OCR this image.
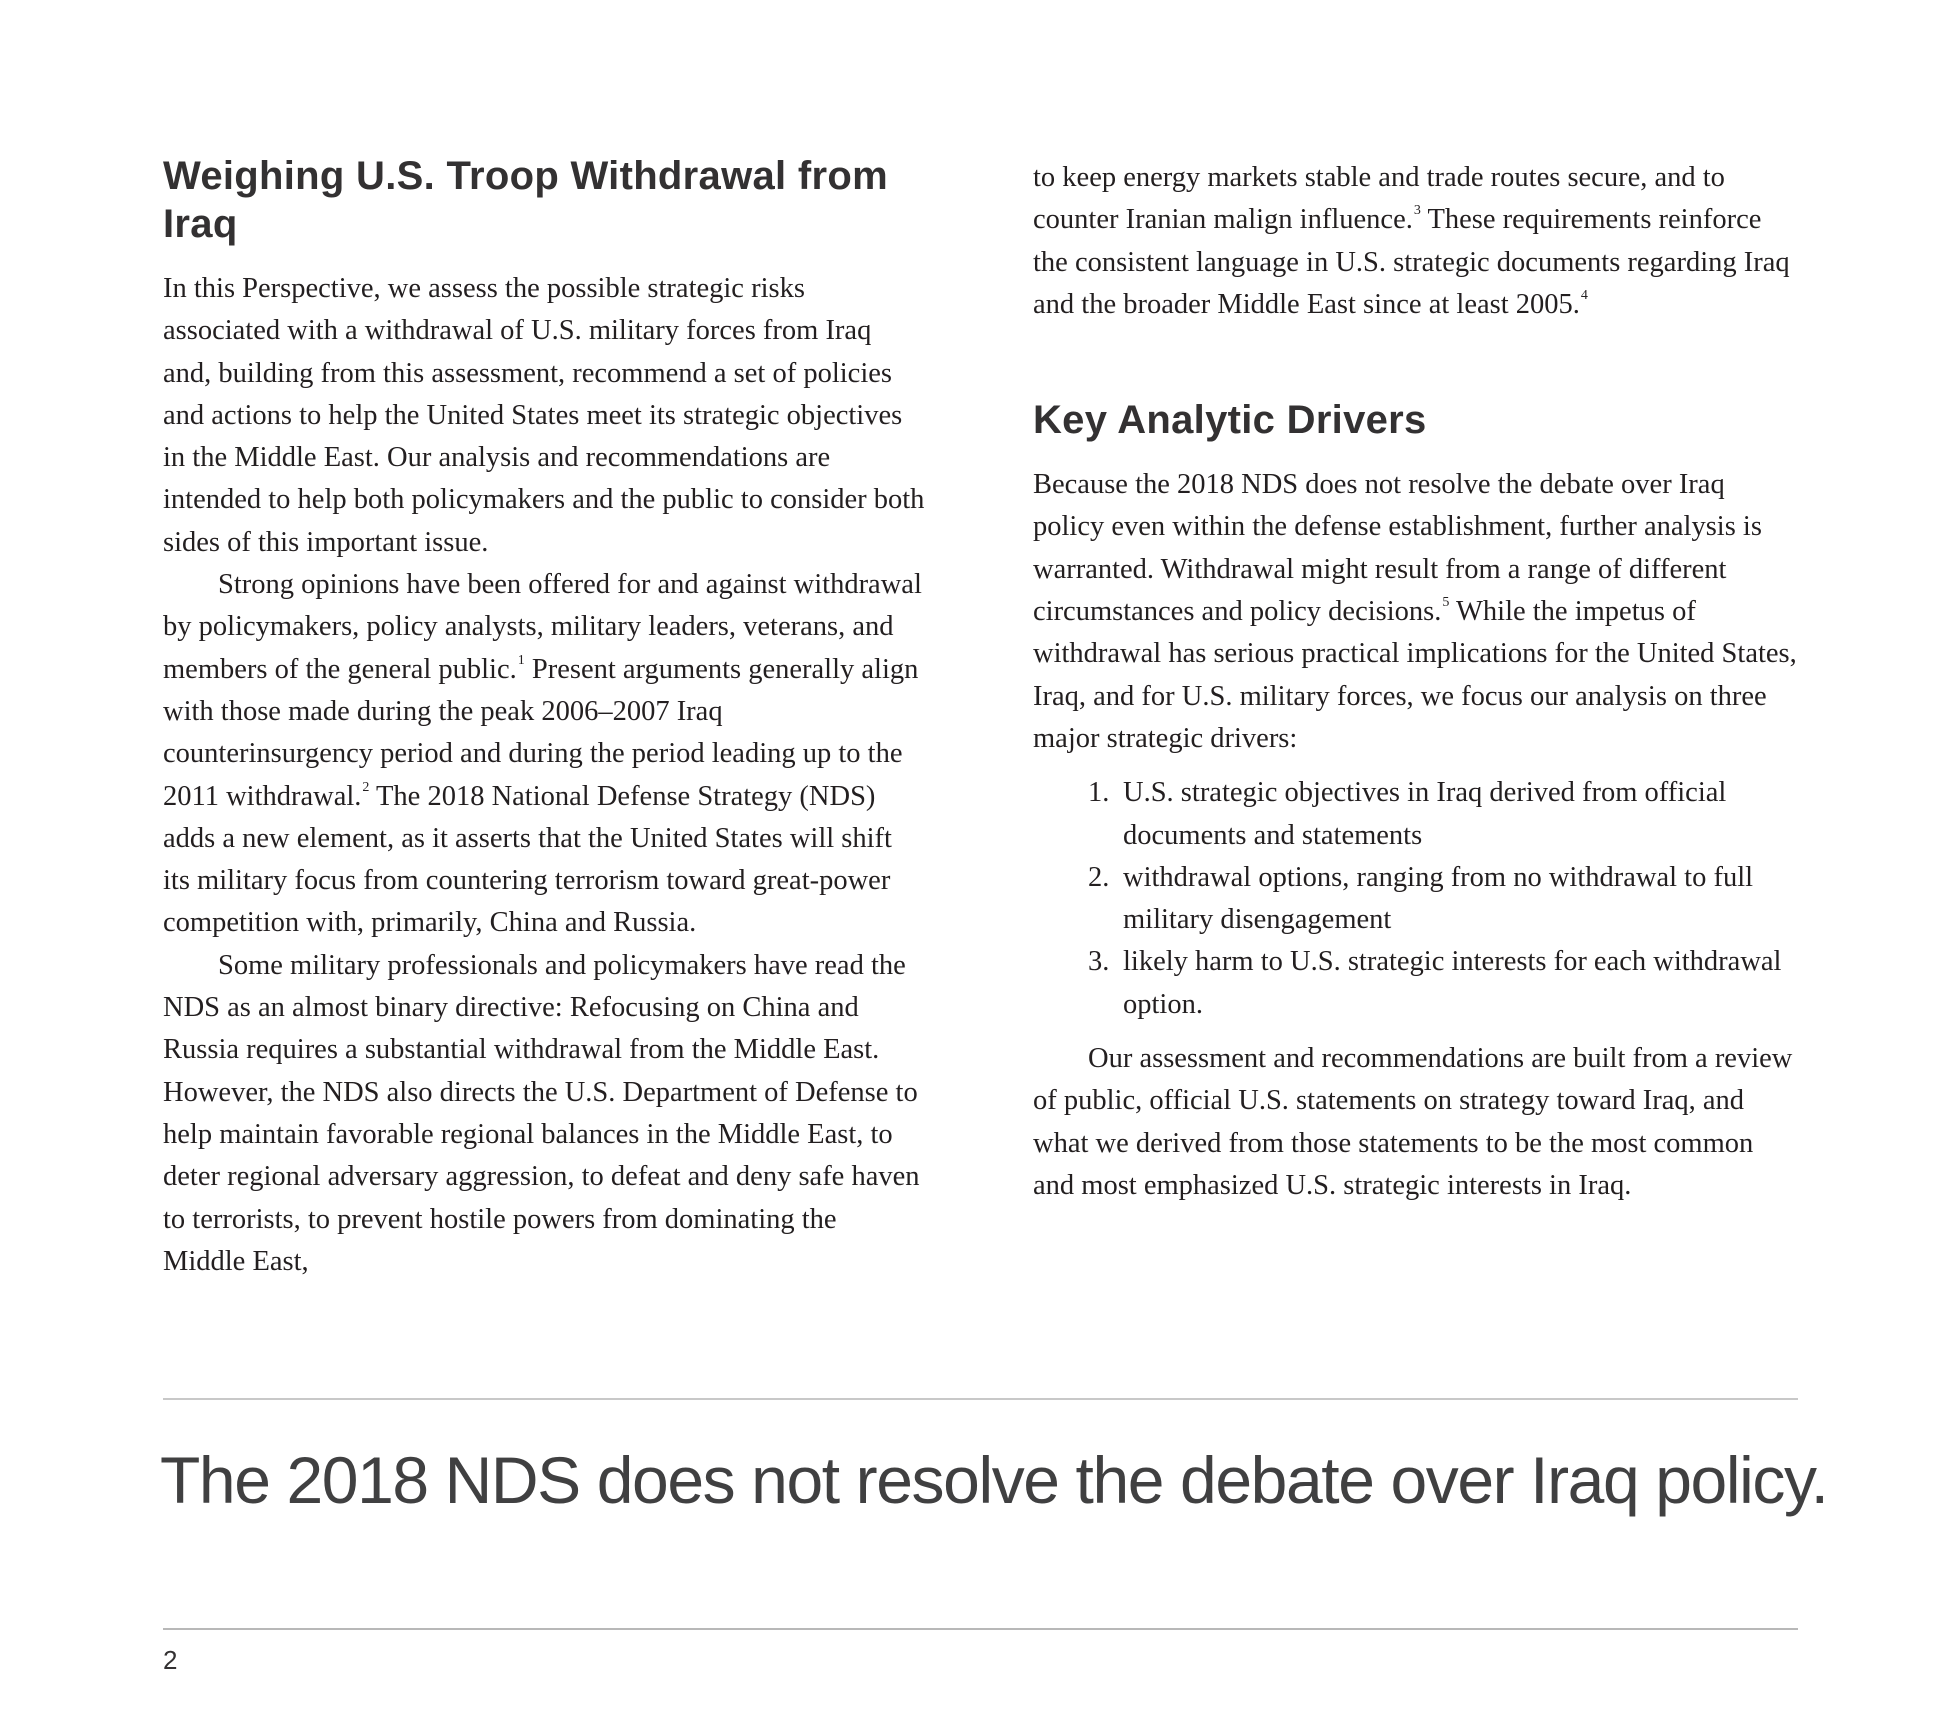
Weighing U.S. Troop Withdrawal from Iraq

In this Perspective, we assess the possible strategic risks associated with a withdrawal of U.S. military forces from Iraq and, building from this assessment, recommend a set of policies and actions to help the United States meet its strategic objectives in the Middle East. Our analysis and recommendations are intended to help both policymakers and the public to consider both sides of this important issue.

Strong opinions have been offered for and against withdrawal by policymakers, policy analysts, military leaders, veterans, and members of the general public.$^1$ Present arguments generally align with those made during the peak 2006–2007 Iraq counterinsurgency period and during the period leading up to the 2011 withdrawal.$^2$ The 2018 National Defense Strategy (NDS) adds a new element, as it asserts that the United States will shift its military focus from countering terrorism toward great-power competition with, primarily, China and Russia.

Some military professionals and policymakers have read the NDS as an almost binary directive: Refocusing on China and Russia requires a substantial withdrawal from the Middle East. However, the NDS also directs the U.S. Department of Defense to help maintain favorable regional balances in the Middle East, to deter regional adversary aggression, to defeat and deny safe haven to terrorists, to prevent hostile powers from dominating the Middle East,

to keep energy markets stable and trade routes secure, and to counter Iranian malign influence.$^3$ These requirements reinforce the consistent language in U.S. strategic documents regarding Iraq and the broader Middle East since at least 2005.$^4$

Key Analytic Drivers

Because the 2018 NDS does not resolve the debate over Iraq policy even within the defense establishment, further analysis is warranted. Withdrawal might result from a range of different circumstances and policy decisions.$^5$ While the impetus of withdrawal has serious practical implications for the United States, Iraq, and for U.S. military forces, we focus our analysis on three major strategic drivers:

1. U.S. strategic objectives in Iraq derived from official documents and statements
2. withdrawal options, ranging from no withdrawal to full military disengagement
3. likely harm to U.S. strategic interests for each withdrawal option.

Our assessment and recommendations are built from a review of public, official U.S. statements on strategy toward Iraq, and what we derived from those statements to be the most common and most emphasized U.S. strategic interests in Iraq.

The 2018 NDS does not resolve the debate over Iraq policy.
2
